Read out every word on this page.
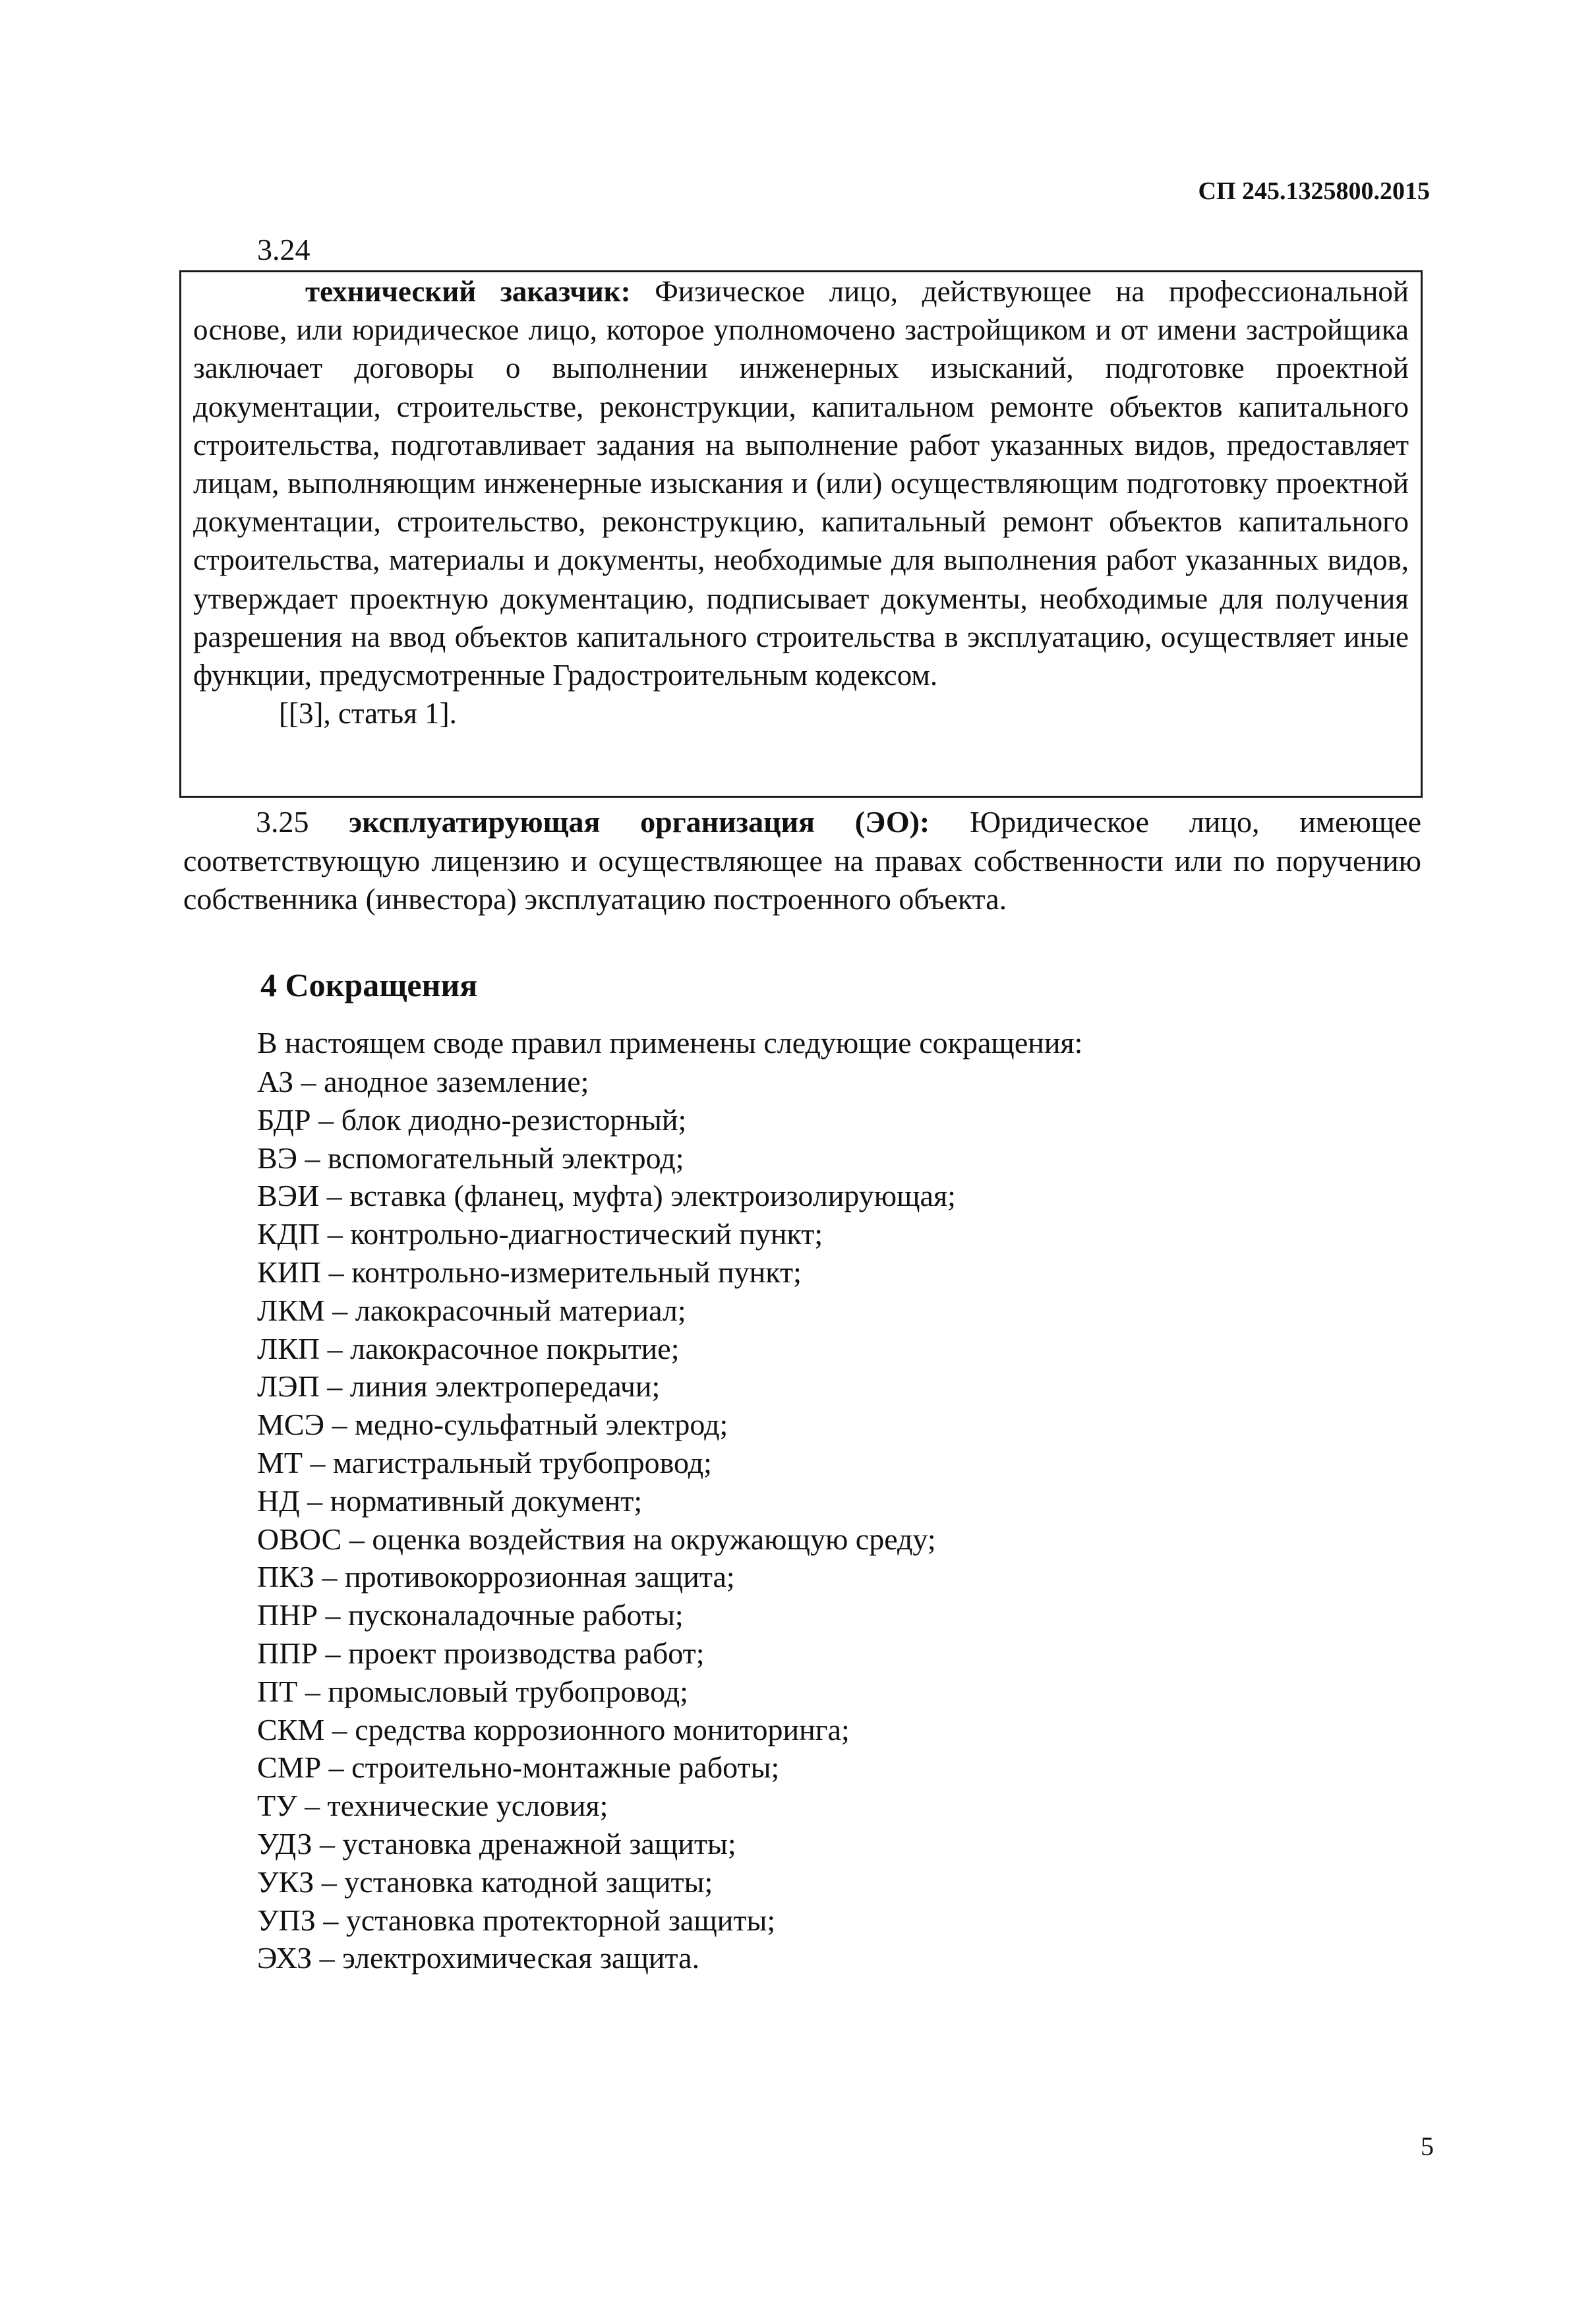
СП 245.1325800.2015
3.24

технический заказчик: Физическое лицо, действующее на профессиональной основе, или юридическое лицо, которое уполномочено застройщиком и от имени застройщика заключает договоры о выполнении инженерных изысканий, подготовке проектной документации, строительстве, реконструкции, капитальном ремонте объектов капитального строительства, подготавливает задания на выполнение работ указанных видов, предоставляет лицам, выполняющим инженерные изыскания и (или) осуществляющим подготовку проектной документации, строительство, реконструкцию, капитальный ремонт объектов капитального строительства, материалы и документы, необходимые для выполнения работ указанных видов, утверждает проектную документацию, подписывает документы, необходимые для получения разрешения на ввод объектов капитального строительства в эксплуатацию, осуществляет иные функции, предусмотренные Градостроительным кодексом.

[[3], статья 1].

3.25 эксплуатирующая организация (ЭО): Юридическое лицо, имеющее соответствующую лицензию и осуществляющее на правах собственности или по поручению собственника (инвестора) эксплуатацию построенного объекта.

4 Сокращения

В настоящем своде правил применены следующие сокращения:

АЗ – анодное заземление;
БДР – блок диодно-резисторный;
ВЭ – вспомогательный электрод;
ВЭИ – вставка (фланец, муфта) электроизолирующая;
КДП – контрольно-диагностический пункт;
КИП – контрольно-измерительный пункт;
ЛКМ – лакокрасочный материал;
ЛКП – лакокрасочное покрытие;
ЛЭП – линия электропередачи;
МСЭ – медно-сульфатный электрод;
МТ – магистральный трубопровод;
НД – нормативный документ;
ОВОС – оценка воздействия на окружающую среду;
ПКЗ – противокоррозионная защита;
ПНР – пусконаладочные работы;
ППР – проект производства работ;
ПТ – промысловый трубопровод;
СКМ – средства коррозионного мониторинга;
СМР – строительно-монтажные работы;
ТУ – технические условия;
УДЗ – установка дренажной защиты;
УКЗ – установка катодной защиты;
УПЗ – установка протекторной защиты;
ЭХЗ – электрохимическая защита.
5
